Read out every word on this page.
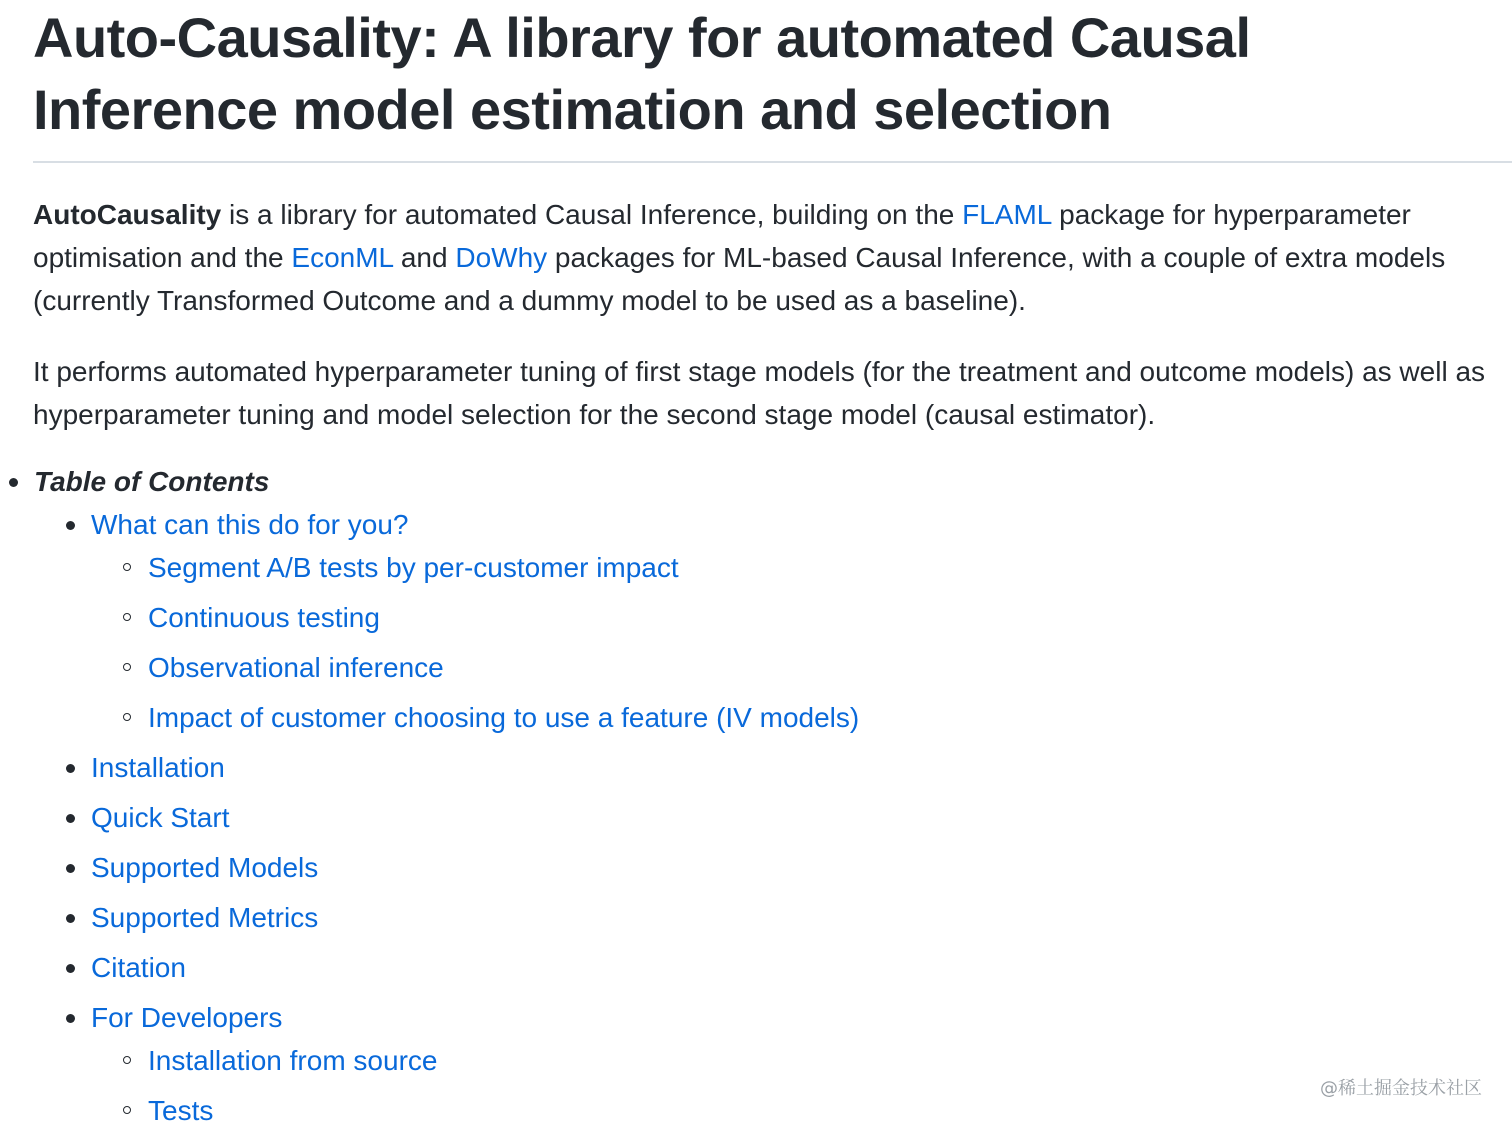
Auto-Causality: A library for automated Causal Inference model estimation and selection

AutoCausality is a library for automated Causal Inference, building on the FLAML package for hyperparameter optimisation and the EconML and DoWhy packages for ML-based Causal Inference, with a couple of extra models (currently Transformed Outcome and a dummy model to be used as a baseline).

It performs automated hyperparameter tuning of first stage models (for the treatment and outcome models) as well as hyperparameter tuning and model selection for the second stage model (causal estimator).

Table of Contents
What can this do for you?
Segment A/B tests by per-customer impact
Continuous testing
Observational inference
Impact of customer choosing to use a feature (IV models)
Installation
Quick Start
Supported Models
Supported Metrics
Citation
For Developers
Installation from source
Tests
@稀土掘金技术社区
